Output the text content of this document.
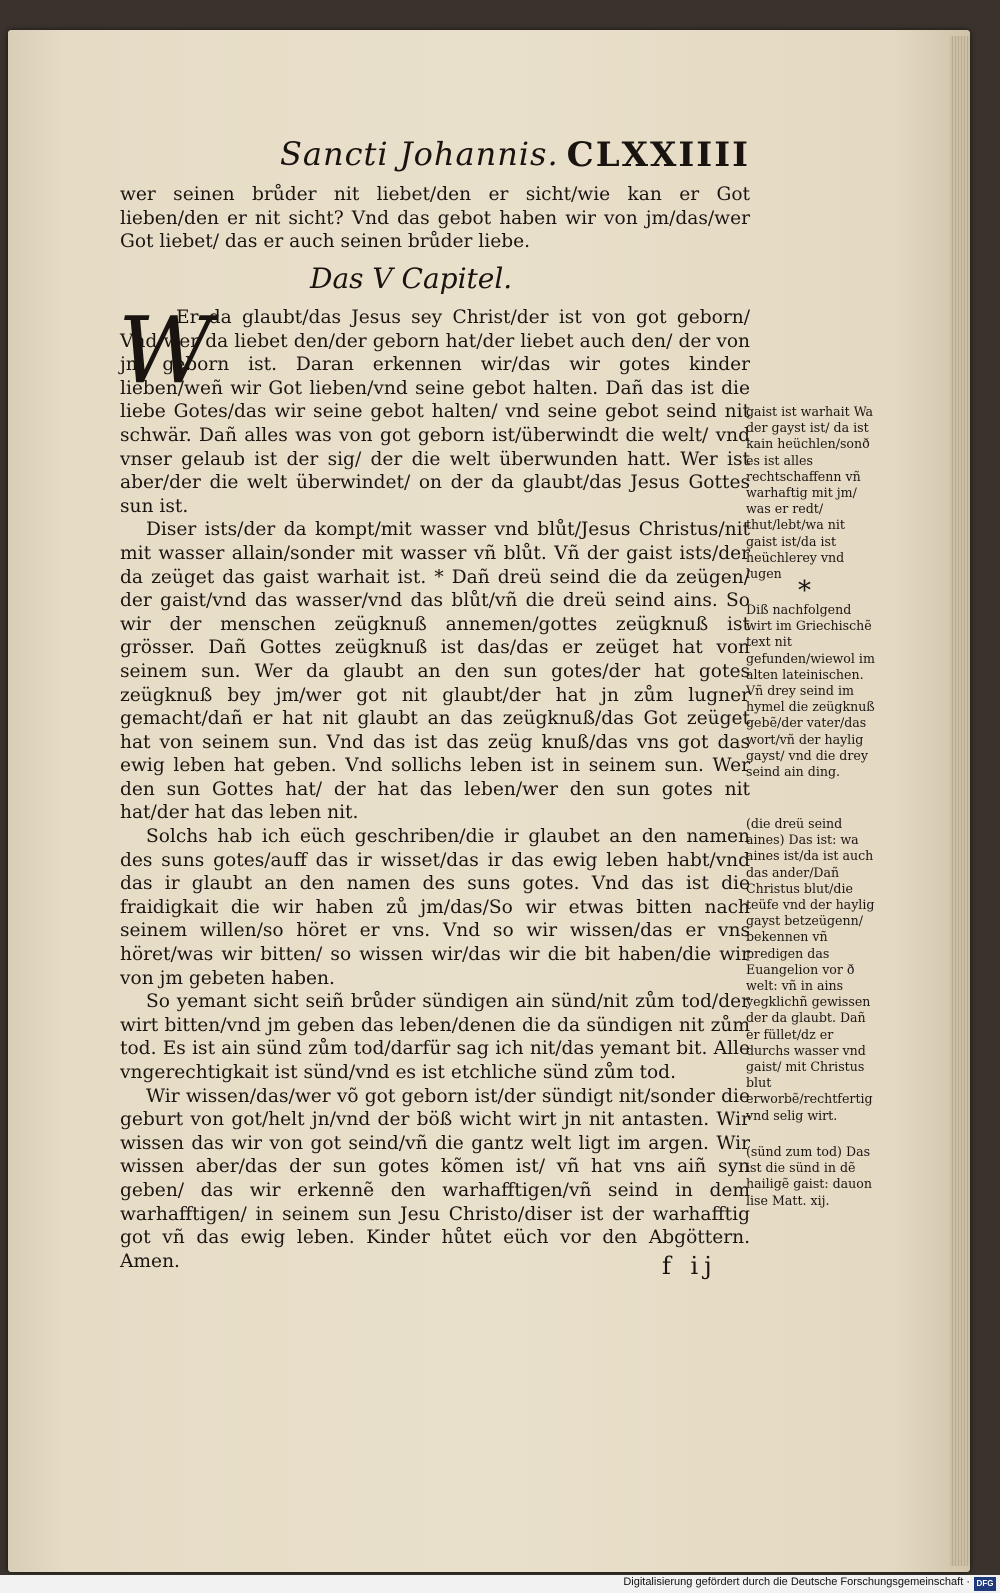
Sancti Johannis. CLXXIIII

wer seinen brůder nit liebet/den er sicht/wie kan er Got lieben/den er nit sicht? Vnd das gebot haben wir von jm/das/wer Got liebet/ das er auch seinen brůder liebe.

Das V Capitel.
W

Er da glaubt/das Jesus sey Christ/der ist von got geborn/ Vnd wer da liebet den/der geborn hat/der liebet auch den/ der von jm geborn ist. Daran erkennen wir/das wir gotes kinder lieben/weñ wir Got lieben/vnd seine gebot halten. Dañ das ist die liebe Gotes/das wir seine gebot halten/ vnd seine gebot seind nit schwär. Dañ alles was von got geborn ist/überwindt die welt/ vnd vnser gelaub ist der sig/ der die welt überwunden hatt. Wer ist aber/der die welt überwindet/ on der da glaubt/das Jesus Gottes sun ist.

Diser ists/der da kompt/mit wasser vnd blůt/Jesus Christus/nit mit wasser allain/sonder mit wasser vñ blůt. Vñ der gaist ists/der da zeüget das gaist warhait ist. * Dañ dreü seind die da zeügen/ der gaist/vnd das wasser/vnd das blůt/vñ die dreü seind ains. So wir der menschen zeügknuß annemen/gottes zeügknuß ist grösser. Dañ Gottes zeügknuß ist das/das er zeüget hat von seinem sun. Wer da glaubt an den sun gotes/der hat gotes zeügknuß bey jm/wer got nit glaubt/der hat jn zům lugner gemacht/dañ er hat nit glaubt an das zeügknuß/das Got zeüget hat von seinem sun. Vnd das ist das zeüg knuß/das vns got das ewig leben hat geben. Vnd sollichs leben ist in seinem sun. Wer den sun Gottes hat/ der hat das leben/wer den sun gotes nit hat/der hat das leben nit.

Solchs hab ich eüch geschriben/die ir glaubet an den namen des suns gotes/auff das ir wisset/das ir das ewig leben habt/vnd das ir glaubt an den namen des suns gotes. Vnd das ist die fraidigkait die wir haben zů jm/das/So wir etwas bitten nach seinem willen/so höret er vns. Vnd so wir wissen/das er vns höret/was wir bitten/ so wissen wir/das wir die bit haben/die wir von jm gebeten haben.

So yemant sicht seiñ brůder sündigen ain sünd/nit zům tod/der wirt bitten/vnd jm geben das leben/denen die da sündigen nit zům tod. Es ist ain sünd zům tod/darfür sag ich nit/das yemant bit. Alle vngerechtigkait ist sünd/vnd es ist etchliche sünd zům tod.

Wir wissen/das/wer võ got geborn ist/der sündigt nit/sonder die geburt von got/helt jn/vnd der böß wicht wirt jn nit antasten. Wir wissen das wir von got seind/vñ die gantz welt ligt im argen. Wir wissen aber/das der sun gotes kõmen ist/ vñ hat vns aiñ syn geben/ das wir erkennẽ den warhafftigen/vñ seind in dem warhafftigen/ in seinem sun Jesu Christo/diser ist der warhafftig got vñ das ewig leben. Kinder hůtet eüch vor den Abgöttern. Amen.

gaist ist warhait Wa der gayst ist/ da ist kain heüchlen/sonð es ist alles rechtschaffenn vñ warhaftig mit jm/ was er redt/ thut/lebt/wa nit gaist ist/da ist heüchlerey vnd lugen

*

Diß nachfolgend wirt im Griechischẽ text nit gefunden/wiewol im alten lateinischen. Vñ drey seind im hymel die zeügknuß gebẽ/der vater/das wort/vñ der haylig gayst/ vnd die drey seind ain ding.

(die dreü seind aines) Das ist: wa aines ist/da ist auch das ander/Dañ Christus blut/die teüfe vnd der haylig gayst betzeügenn/ bekennen vñ predigen das Euangelion vor ð welt: vñ in ains yegklichñ gewissen der da glaubt. Dañ er füllet/dz er durchs wasser vnd gaist/ mit Christus blut erworbẽ/rechtfertig vnd selig wirt.

(sünd zum tod) Das ist die sünd in dẽ hailigẽ gaist: dauon lise Matt. xij.

f ij
Digitalisierung gefördert durch die Deutsche Forschungsgemeinschaft · DFG
